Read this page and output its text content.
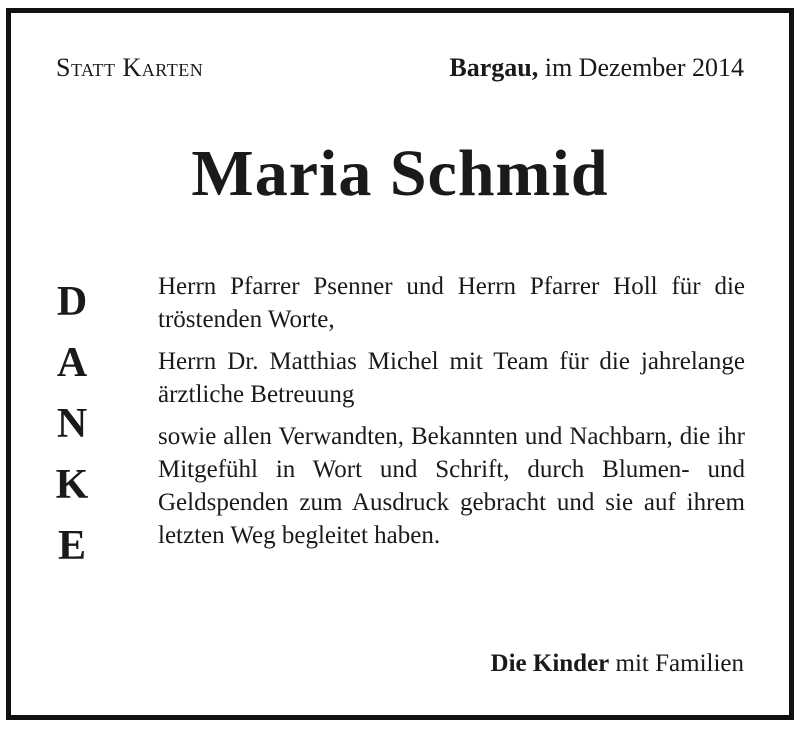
Statt Karten	Bargau, im Dezember 2014
Maria Schmid
D
A
N
K
E

Herrn Pfarrer Psenner und Herrn Pfarrer Holl für die tröstenden Worte,

Herrn Dr. Matthias Michel mit Team für die jahrelange ärztliche Betreuung

sowie allen Verwandten, Bekannten und Nachbarn, die ihr Mitgefühl in Wort und Schrift, durch Blumen- und Geldspenden zum Ausdruck gebracht und sie auf ihrem letzten Weg begleitet haben.

Die Kinder mit Familien
